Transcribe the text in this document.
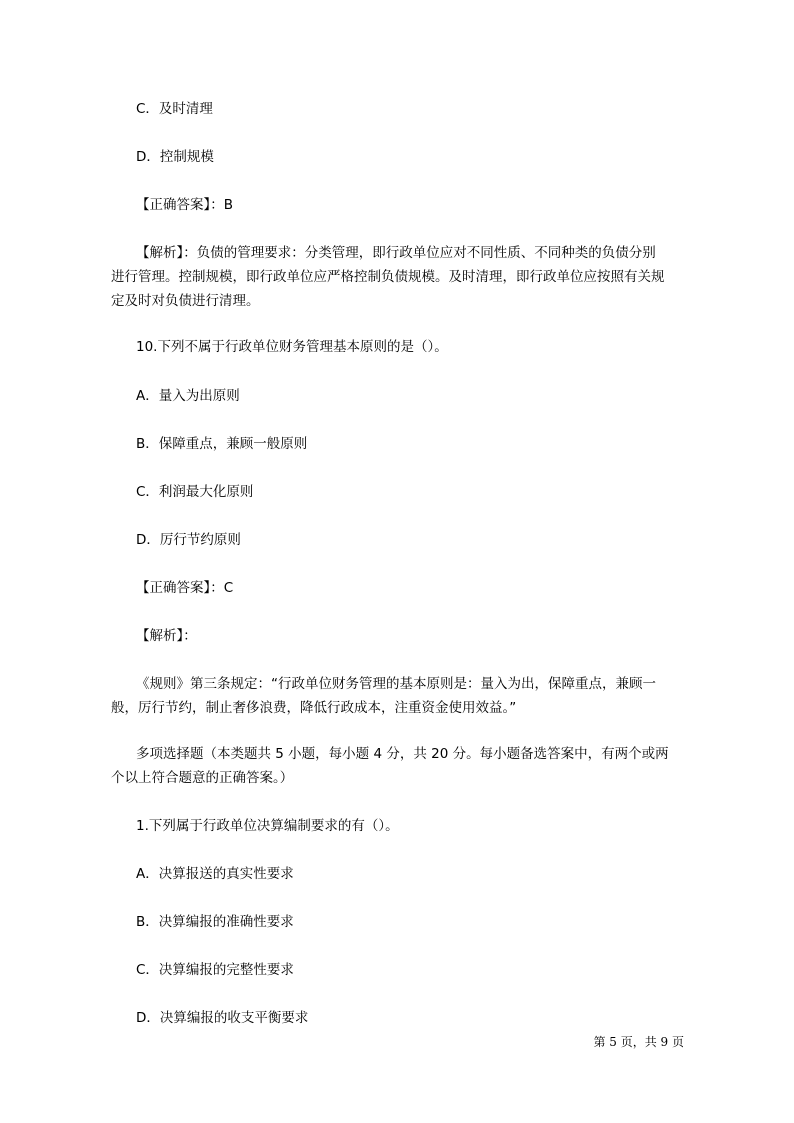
C．及时清理
D．控制规模
【正确答案】：B
【解析】：负债的管理要求：分类管理，即行政单位应对不同性质、不同种类的负债分别
进行管理。控制规模，即行政单位应严格控制负债规模。及时清理，即行政单位应按照有关规
定及时对负债进行清理。
10.下列不属于行政单位财务管理基本原则的是（）。
A．量入为出原则
B．保障重点，兼顾一般原则
C．利润最大化原则
D．厉行节约原则
【正确答案】：C
【解析】：
《规则》第三条规定：“行政单位财务管理的基本原则是：量入为出，保障重点，兼顾一
般，厉行节约，制止奢侈浪费，降低行政成本，注重资金使用效益。”
多项选择题（本类题共 5 小题，每小题 4 分，共 20 分。每小题备选答案中，有两个或两
个以上符合题意的正确答案。）
1.下列属于行政单位决算编制要求的有（）。
A．决算报送的真实性要求
B．决算编报的准确性要求
C．决算编报的完整性要求
D．决算编报的收支平衡要求
第 5 页，共 9 页
